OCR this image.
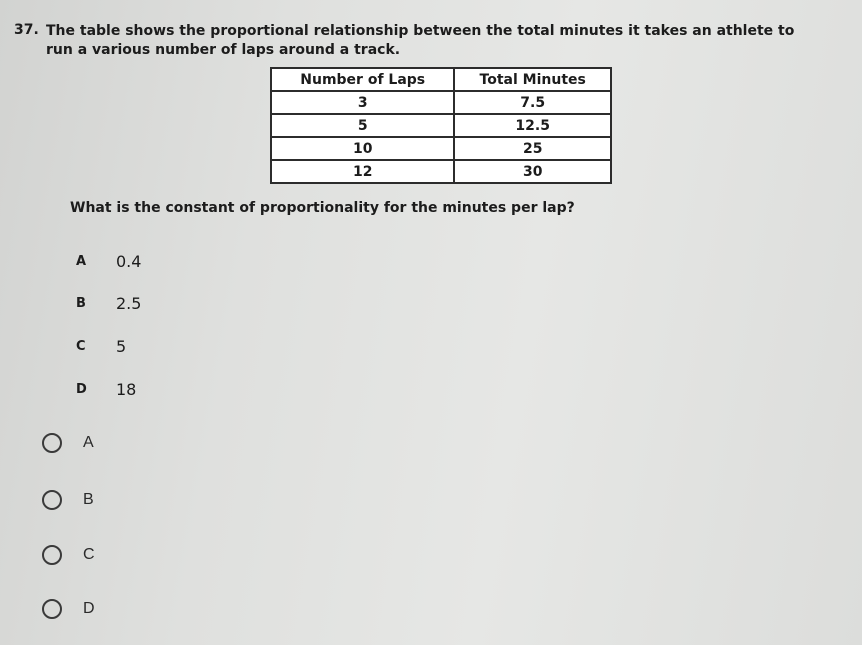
37. The table shows the proportional relationship between the total minutes it takes an athlete to
run a various number of laps around a track.
Number of Laps	Total Minutes
3	7.5
5	12.5
10	25
12	30
What is the constant of proportionality for the minutes per lap?
A	0.4
B	2.5
C	5
D	18
A
B
C
D
